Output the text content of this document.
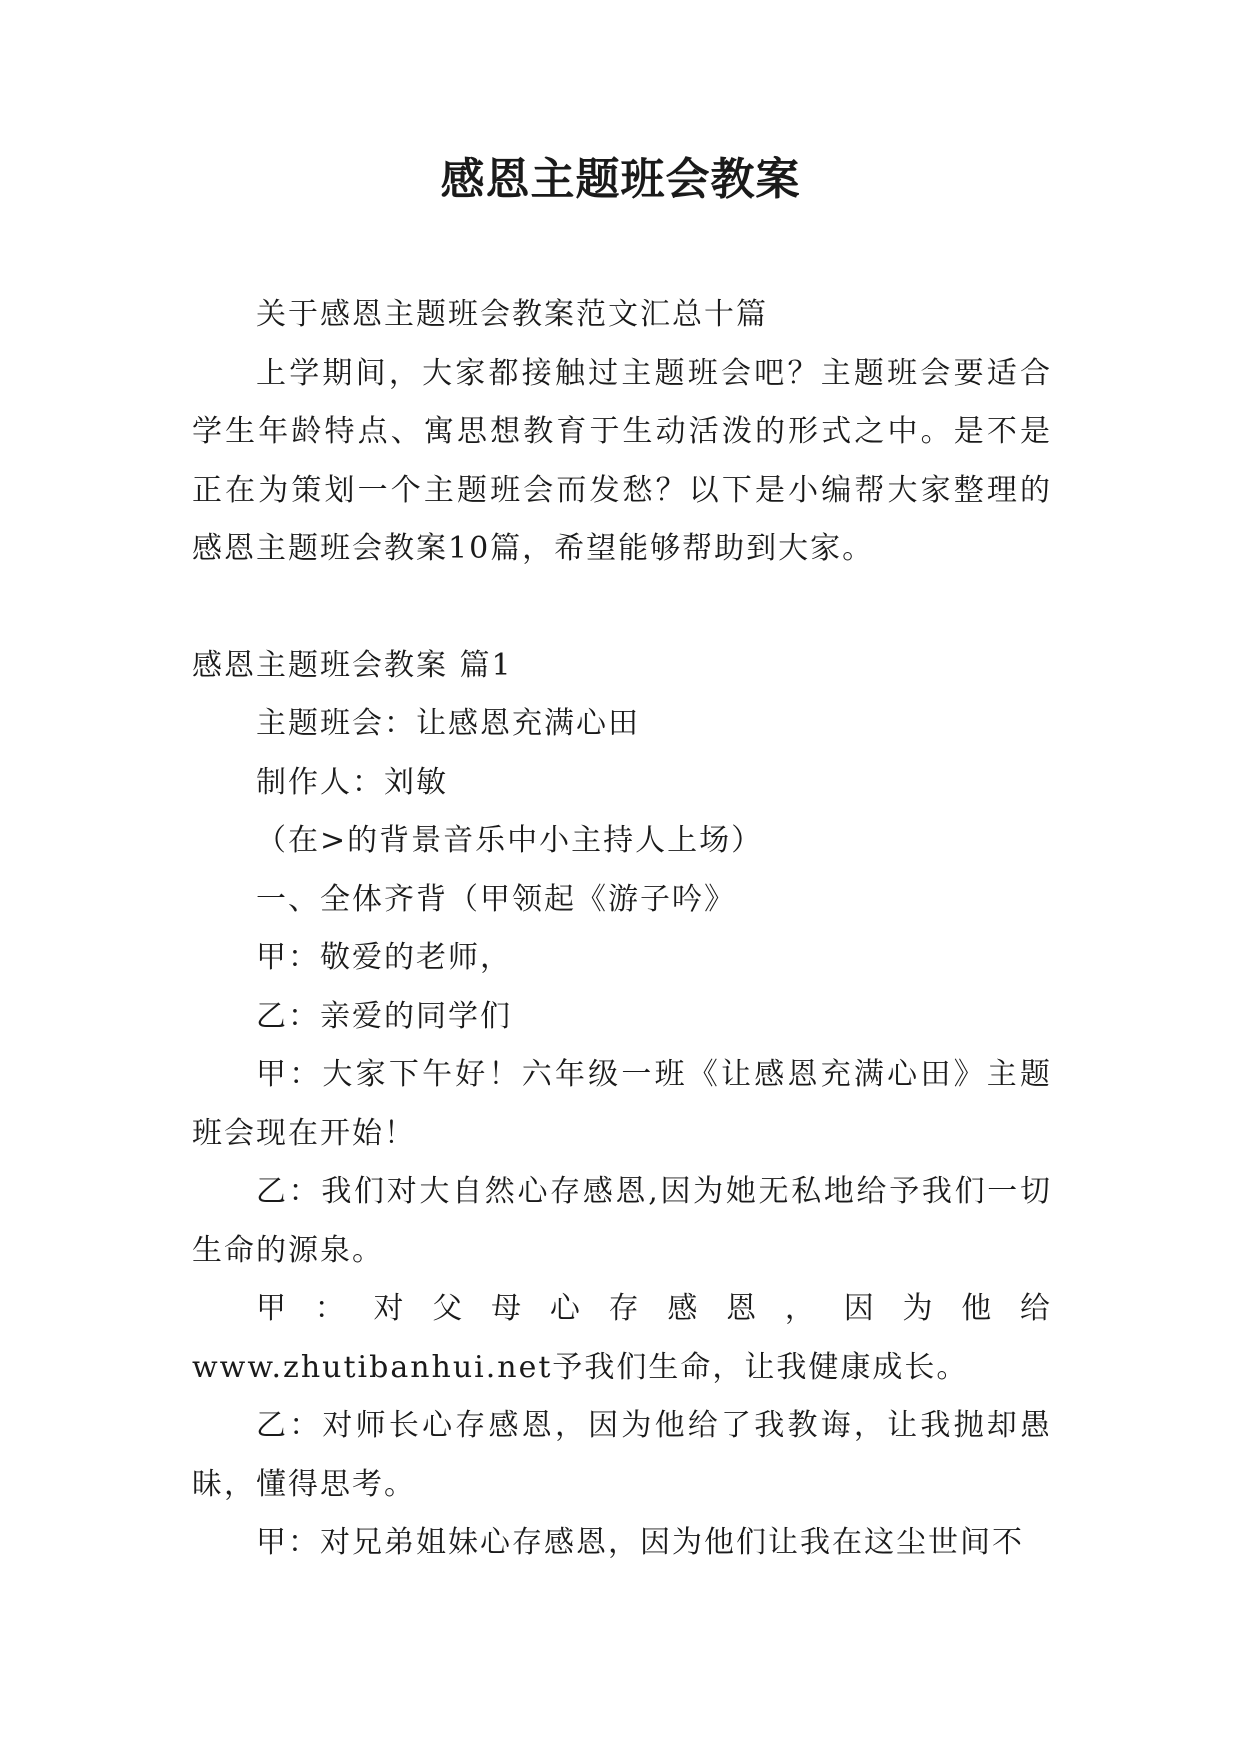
感恩主题班会教案

关于感恩主题班会教案范文汇总十篇

上学期间，大家都接触过主题班会吧？主题班会要适合学生年龄特点、寓思想教育于生动活泼的形式之中。是不是正在为策划一个主题班会而发愁？以下是小编帮大家整理的感恩主题班会教案10篇，希望能够帮助到大家。

感恩主题班会教案 篇1

主题班会：让感恩充满心田

制作人：刘敏

（在>的背景音乐中小主持人上场）

一、全体齐背（甲领起《游子吟》

甲：敬爱的老师，

乙：亲爱的同学们

甲：大家下午好！六年级一班《让感恩充满心田》主题班会现在开始！

乙：我们对大自然心存感恩,因为她无私地给予我们一切生命的源泉。

甲：对父母心存感恩，因为他给www.zhutibanhui.net予我们生命，让我健康成长。

乙：对师长心存感恩，因为他给了我教诲，让我抛却愚昧，懂得思考。

甲：对兄弟姐妹心存感恩，因为他们让我在这尘世间不
